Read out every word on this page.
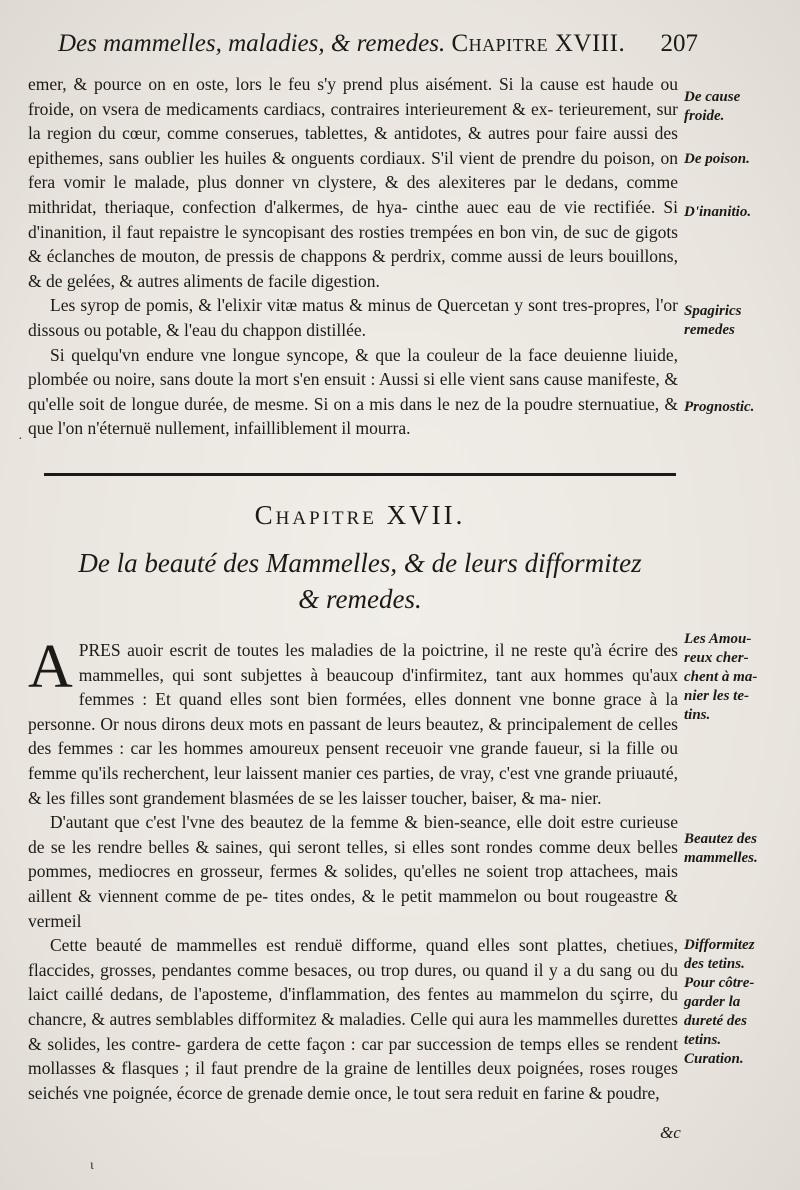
Des mammelles, maladies, & remedes. Chapitre XVIII. 207

emer, & pource on en oste, lors le feu s'y prend plus aisément. Si la cause est haude ou froide, on vsera de medicaments cardiacs, contraires interieurement & ex- terieurement, sur la region du cœur, comme conserues, tablettes, & antidotes, & autres pour faire aussi des epithemes, sans oublier les huiles & onguents cordiaux. S'il vient de prendre du poison, on fera vomir le malade, plus donner vn clystere, & des alexiteres par le dedans, comme mithridat, theriaque, confection d'alkermes, de hya- cinthe auec eau de vie rectifiée. Si d'inanition, il faut repaistre le syncopisant des rosties trempées en bon vin, de suc de gigots & éclanches de mouton, de pressis de chappons & perdrix, comme aussi de leurs bouillons, & de gelées, & autres aliments de facile digestion.

Les syrop de pomis, & l'elixir vitæ matus & minus de Quercetan y sont tres-propres, l'or dissous ou potable, & l'eau du chappon distillée.

Si quelqu'vn endure vne longue syncope, & que la couleur de la face deuienne liuide, plombée ou noire, sans doute la mort s'en ensuit : Aussi si elle vient sans cause manifeste, & qu'elle soit de longue durée, de mesme. Si on a mis dans le nez de la poudre sternuatiue, & que l'on n'éternuë nullement, infailliblement il mourra.

Chapitre XVII.
De la beauté des Mammelles, & de leurs difformitez
& remedes.

A PRES auoir escrit de toutes les maladies de la poictrine, il ne reste qu'à écrire des mammelles, qui sont subjettes à beaucoup d'infirmitez, tant aux hommes qu'aux femmes : Et quand elles sont bien formées, elles donnent vne bonne grace à la personne. Or nous dirons deux mots en passant de leurs beautez, & principalement de celles des femmes : car les hommes amoureux pensent receuoir vne grande faueur, si la fille ou femme qu'ils recherchent, leur laissent manier ces parties, de vray, c'est vne grande priuauté, & les filles sont grandement blasmées de se les laisser toucher, baiser, & ma- nier.

D'autant que c'est l'vne des beautez de la femme & bien-seance, elle doit estre curieuse de se les rendre belles & saines, qui seront telles, si elles sont rondes comme deux belles pommes, mediocres en grosseur, fermes & solides, qu'elles ne soient trop attachees, mais aillent & viennent comme de pe- tites ondes, & le petit mammelon ou bout rougeastre & vermeil

Cette beauté de mammelles est renduë difforme, quand elles sont plattes, chetiues, flaccides, grosses, pendantes comme besaces, ou trop dures, ou quand il y a du sang ou du laict caillé dedans, de l'aposteme, d'inflammation, des fentes au mammelon du sçirre, du chancre, & autres semblables difformitez & maladies. Celle qui aura les mammelles durettes & solides, les contre- gardera de cette façon : car par succession de temps elles se rendent mollasses & flasques ; il faut prendre de la graine de lentilles deux poignées, roses rouges seichés vne poignée, écorce de grenade demie once, le tout sera reduit en farine & poudre,

De cause
froide.
De poison.
D'inanitio.
Spagirics
remedes
Prognostic.
Les Amou-
reux cher-
chent à ma-
nier les te-
tins.
Beautez des
mammelles.
Difformitez
des tetins.
Pour côtre-
garder la
dureté des
tetins.
Curation.
&c
ɩ
·
